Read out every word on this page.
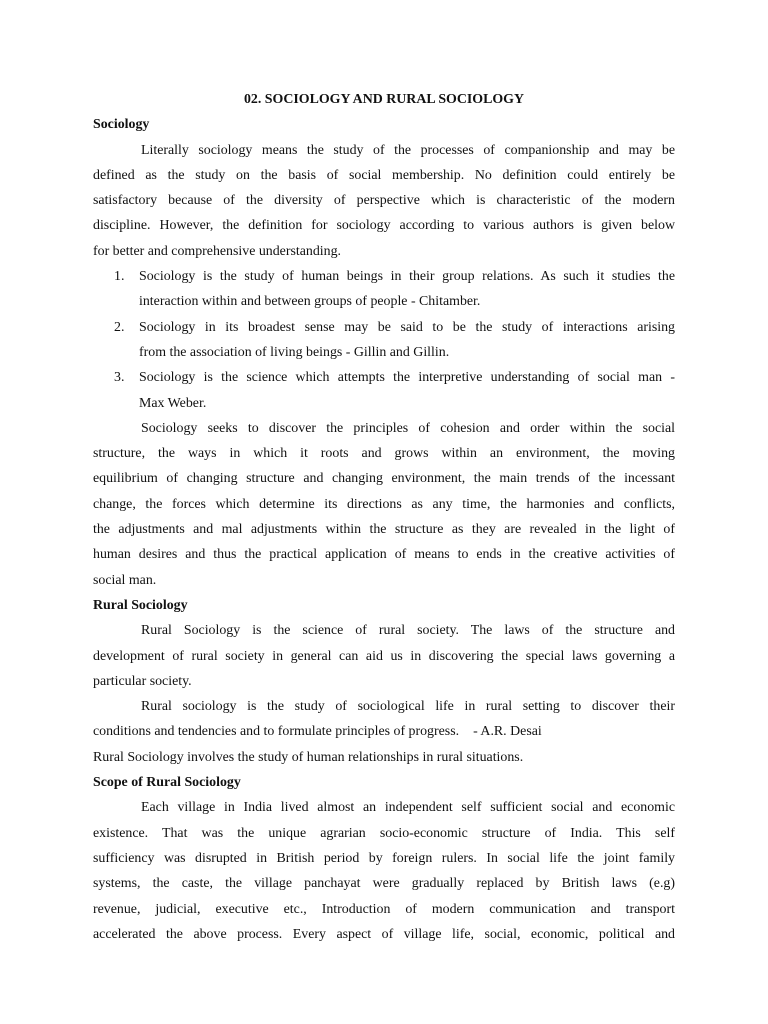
02. SOCIOLOGY AND RURAL SOCIOLOGY
Sociology
Literally sociology means the study of the processes of companionship and may be
defined as the study on the basis of social membership. No definition could entirely be
satisfactory because of the diversity of perspective which is characteristic of the modern
discipline. However, the definition for sociology according to various authors is given below
for better and comprehensive understanding.
1. Sociology is the study of human beings in their group relations. As such it studies the
interaction within and between groups of people - Chitamber.
2. Sociology in its broadest sense may be said to be the study of interactions arising
from the association of living beings - Gillin and Gillin.
3. Sociology is the science which attempts the interpretive understanding of social man -
Max Weber.
Sociology seeks to discover the principles of cohesion and order within the social
structure, the ways in which it roots and grows within an environment, the moving
equilibrium of changing structure and changing environment, the main trends of the incessant
change, the forces which determine its directions as any time, the harmonies and conflicts,
the adjustments and mal adjustments within the structure as they are revealed in the light of
human desires and thus the practical application of means to ends in the creative activities of
social man.
Rural Sociology
Rural Sociology is the science of rural society. The laws of the structure and
development of rural society in general can aid us in discovering the special laws governing a
particular society.
Rural sociology is the study of sociological life in rural setting to discover their
conditions and tendencies and to formulate principles of progress. - A.R. Desai
Rural Sociology involves the study of human relationships in rural situations.
Scope of Rural Sociology
Each village in India lived almost an independent self sufficient social and economic
existence. That was the unique agrarian socio-economic structure of India. This self
sufficiency was disrupted in British period by foreign rulers. In social life the joint family
systems, the caste, the village panchayat were gradually replaced by British laws (e.g)
revenue, judicial, executive etc., Introduction of modern communication and transport
accelerated the above process. Every aspect of village life, social, economic, political and
